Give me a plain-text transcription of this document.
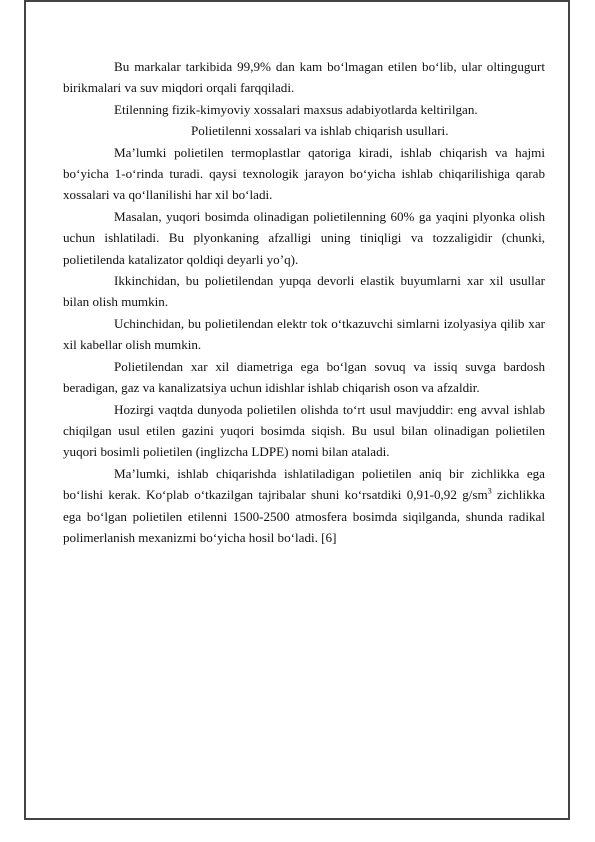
Bu markalar tarkibida 99,9% dan kam bo‘lmagan etilen bo‘lib, ular oltingugurt birikmalari va suv miqdori orqali farqqiladi.

Etilenning fizik-kimyoviy xossalari maxsus adabiyotlarda keltirilgan.

Polietilenni xossalari va ishlab chiqarish usullari.

Ma’lumki polietilen termoplastlar qatoriga kiradi, ishlab chiqarish va hajmi bo‘yicha 1-o‘rinda turadi. qaysi texnologik jarayon bo‘yicha ishlab chiqarilishiga qarab xossalari va qo‘llanilishi har xil bo‘ladi.

Masalan, yuqori bosimda olinadigan polietilenning 60% ga yaqini plyonka olish uchun ishlatiladi. Bu plyonkaning afzalligi uning tiniqligi va tozzaligidir (chunki, polietilenda katalizator qoldiqi deyarli yo’q).

Ikkinchidan, bu polietilendan yupqa devorli elastik buyumlarni xar xil usullar bilan olish mumkin.

Uchinchidan, bu polietilendan elektr tok o‘tkazuvchi simlarni izolyasiya qilib xar xil kabellar olish mumkin.

Polietilendan xar xil diametriga ega bo‘lgan sovuq va issiq suvga bardosh beradigan, gaz va kanalizatsiya uchun idishlar ishlab chiqarish oson va afzaldir.

Hozirgi vaqtda dunyoda polietilen olishda to‘rt usul mavjuddir: eng avval ishlab chiqilgan usul etilen gazini yuqori bosimda siqish. Bu usul bilan olinadigan polietilen yuqori bosimli polietilen (inglizcha LDPE) nomi bilan ataladi.

Ma’lumki, ishlab chiqarishda ishlatiladigan polietilen aniq bir zichlikka ega bo‘lishi kerak. Ko‘plab o‘tkazilgan tajribalar shuni ko‘rsatdiki 0,91-0,92 $g/sm^3$ zichlikka ega bo‘lgan polietilen etilenni 1500-2500 atmosfera bosimda siqilganda, shunda radikal polimerlanish mexanizmi bo‘yicha hosil bo‘ladi. [6]
